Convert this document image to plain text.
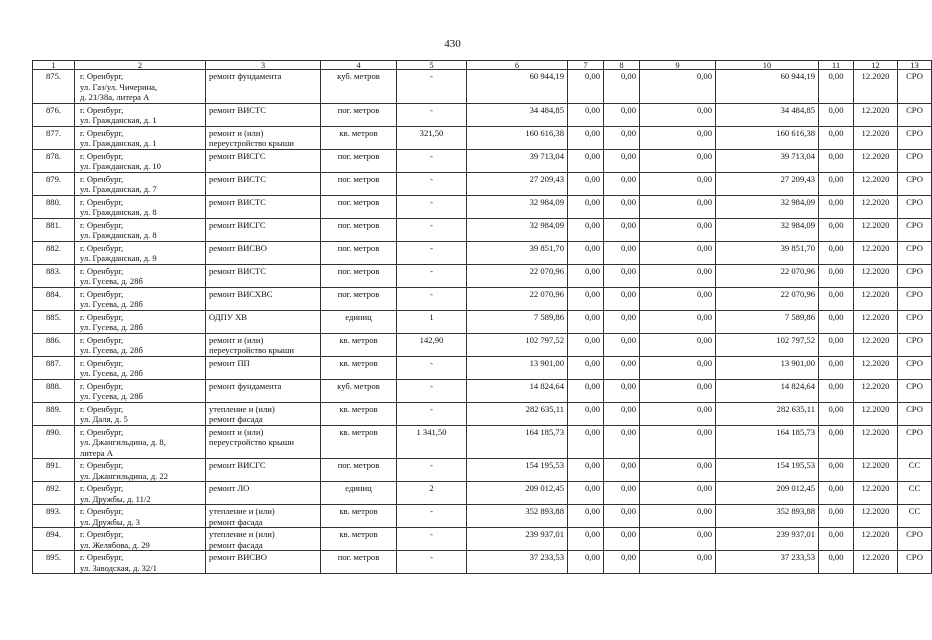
430
1	2	3	4	5	6	7	8	9	10	11	12	13
875.	г. Оренбург,
ул. Газ/ул. Чичерина,
д. 21/38а, литера А	ремонт фундамента	куб. метров	-	60 944,19	0,00	0,00	0,00	60 944,19	0,00	12.2020	СРО
876.	г. Оренбург,
ул. Гражданская, д. 1	ремонт ВИСТС	пог. метров	-	34 484,85	0,00	0,00	0,00	34 484,85	0,00	12.2020	СРО
877.	г. Оренбург,
ул. Гражданская, д. 1	ремонт и (или)
переустройство крыши	кв. метров	321,50	160 616,38	0,00	0,00	0,00	160 616,38	0,00	12.2020	СРО
878.	г. Оренбург,
ул. Гражданская, д. 10	ремонт ВИСГС	пог. метров	-	39 713,04	0,00	0,00	0,00	39 713,04	0,00	12.2020	СРО
879.	г. Оренбург,
ул. Гражданская, д. 7	ремонт ВИСТС	пог. метров	-	27 209,43	0,00	0,00	0,00	27 209,43	0,00	12.2020	СРО
880.	г. Оренбург,
ул. Гражданская, д. 8	ремонт ВИСТС	пог. метров	-	32 984,09	0,00	0,00	0,00	32 984,09	0,00	12.2020	СРО
881.	г. Оренбург,
ул. Гражданская, д. 8	ремонт ВИСГС	пог. метров	-	32 984,09	0,00	0,00	0,00	32 984,09	0,00	12.2020	СРО
882.	г. Оренбург,
ул. Гражданская, д. 9	ремонт ВИСВО	пог. метров	-	39 851,70	0,00	0,00	0,00	39 851,70	0,00	12.2020	СРО
883.	г. Оренбург,
ул. Гусева, д. 28б	ремонт ВИСТС	пог. метров	-	22 070,96	0,00	0,00	0,00	22 070,96	0,00	12.2020	СРО
884.	г. Оренбург,
ул. Гусева, д. 28б	ремонт ВИСХВС	пог. метров	-	22 070,96	0,00	0,00	0,00	22 070,96	0,00	12.2020	СРО
885.	г. Оренбург,
ул. Гусева, д. 28б	ОДПУ ХВ	единиц	1	7 589,86	0,00	0,00	0,00	7 589,86	0,00	12.2020	СРО
886.	г. Оренбург,
ул. Гусева, д. 28б	ремонт и (или)
переустройство крыши	кв. метров	142,90	102 797,52	0,00	0,00	0,00	102 797,52	0,00	12.2020	СРО
887.	г. Оренбург,
ул. Гусева, д. 28б	ремонт ПП	кв. метров	-	13 901,00	0,00	0,00	0,00	13 901,00	0,00	12.2020	СРО
888.	г. Оренбург,
ул. Гусева, д. 28б	ремонт фундамента	куб. метров	-	14 824,64	0,00	0,00	0,00	14 824,64	0,00	12.2020	СРО
889.	г. Оренбург,
ул. Даля, д. 5	утепление и (или)
ремонт фасада	кв. метров	-	282 635,11	0,00	0,00	0,00	282 635,11	0,00	12.2020	СРО
890.	г. Оренбург,
ул. Джангильдина, д. 8,
литера А	ремонт и (или)
переустройство крыши	кв. метров	1 341,50	164 185,73	0,00	0,00	0,00	164 185,73	0,00	12.2020	СРО
891.	г. Оренбург,
ул. Джангильдина, д. 22	ремонт ВИСГС	пог. метров	-	154 195,53	0,00	0,00	0,00	154 195,53	0,00	12.2020	СС
892.	г. Оренбург,
ул. Дружбы, д. 11/2	ремонт ЛО	единиц	2	209 012,45	0,00	0,00	0,00	209 012,45	0,00	12.2020	СС
893.	г. Оренбург,
ул. Дружбы, д. 3	утепление и (или)
ремонт фасада	кв. метров	-	352 893,88	0,00	0,00	0,00	352 893,88	0,00	12.2020	СС
894.	г. Оренбург,
ул. Желябова, д. 29	утепление и (или)
ремонт фасада	кв. метров	-	239 937,01	0,00	0,00	0,00	239 937,01	0,00	12.2020	СРО
895.	г. Оренбург,
ул. Заводская, д. 32/1	ремонт ВИСВО	пог. метров	-	37 233,53	0,00	0,00	0,00	37 233,53	0,00	12.2020	СРО
